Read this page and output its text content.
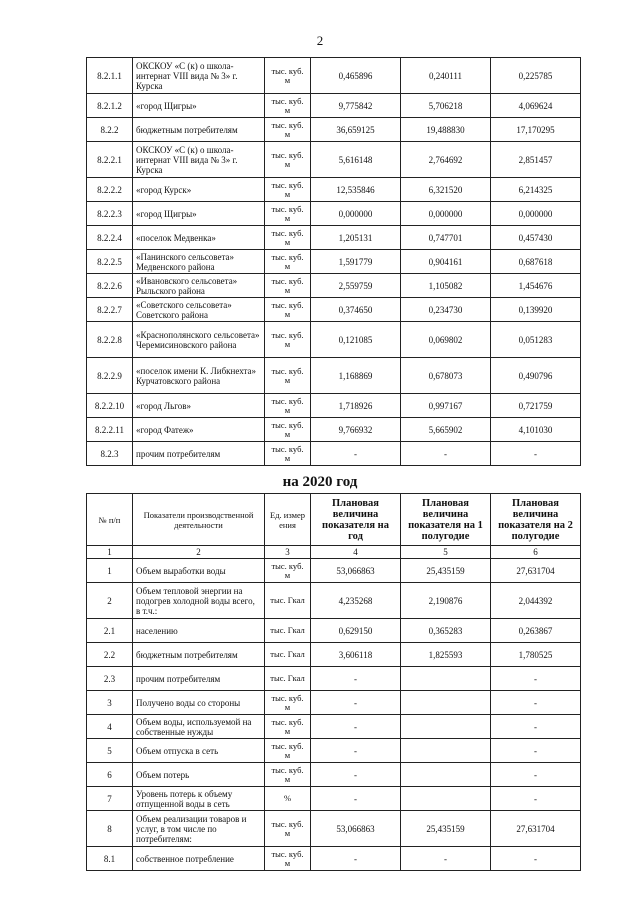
2
8.2.1.1	ОКСКОУ «С (к) о школа-интернат VIII вида № 3» г. Курска	тыс. куб. м	0,465896	0,240111	0,225785
8.2.1.2	«город Щигры»	тыс. куб. м	9,775842	5,706218	4,069624
8.2.2	бюджетным потребителям	тыс. куб. м	36,659125	19,488830	17,170295
8.2.2.1	ОКСКОУ «С (к) о школа-интернат VIII вида № 3» г. Курска	тыс. куб. м	5,616148	2,764692	2,851457
8.2.2.2	«город Курск»	тыс. куб. м	12,535846	6,321520	6,214325
8.2.2.3	«город Щигры»	тыс. куб. м	0,000000	0,000000	0,000000
8.2.2.4	«поселок Медвенка»	тыс. куб. м	1,205131	0,747701	0,457430
8.2.2.5	«Панинского сельсовета» Медвенского района	тыс. куб. м	1,591779	0,904161	0,687618
8.2.2.6	«Ивановского сельсовета» Рыльского района	тыс. куб. м	2,559759	1,105082	1,454676
8.2.2.7	«Советского сельсовета» Советского района	тыс. куб. м	0,374650	0,234730	0,139920
8.2.2.8	«Краснополянского сельсовета» Черемисиновского района	тыс. куб. м	0,121085	0,069802	0,051283
8.2.2.9	«поселок имени К. Либкнехта» Курчатовского района	тыс. куб. м	1,168869	0,678073	0,490796
8.2.2.10	«город Льгов»	тыс. куб. м	1,718926	0,997167	0,721759
8.2.2.11	«город Фатеж»	тыс. куб. м	9,766932	5,665902	4,101030
8.2.3	прочим потребителям	тыс. куб. м	-	-	-
на 2020 год
№ п/п	Показатели производственной деятельности	Ед. измер ения	Плановая величина показателя на год	Плановая величина показателя на 1 полугодие	Плановая величина показателя на 2 полугодие
1	2	3	4	5	6
1	Объем выработки воды	тыс. куб. м	53,066863	25,435159	27,631704
2	Объем тепловой энергии на подогрев холодной воды всего, в т.ч.:	тыс. Гкал	4,235268	2,190876	2,044392
2.1	населению	тыс. Гкал	0,629150	0,365283	0,263867
2.2	бюджетным потребителям	тыс. Гкал	3,606118	1,825593	1,780525
2.3	прочим потребителям	тыс. Гкал	-		-
3	Получено воды со стороны	тыс. куб. м	-		-
4	Объем воды, используемой на собственные нужды	тыс. куб. м	-		-
5	Объем отпуска в сеть	тыс. куб. м	-		-
6	Объем потерь	тыс. куб. м	-		-
7	Уровень потерь к объему отпущенной воды в сеть	%	-		-
8	Объем реализации товаров и услуг, в том числе по потребителям:	тыс. куб. м	53,066863	25,435159	27,631704
8.1	собственное потребление	тыс. куб. м	-	-	-
